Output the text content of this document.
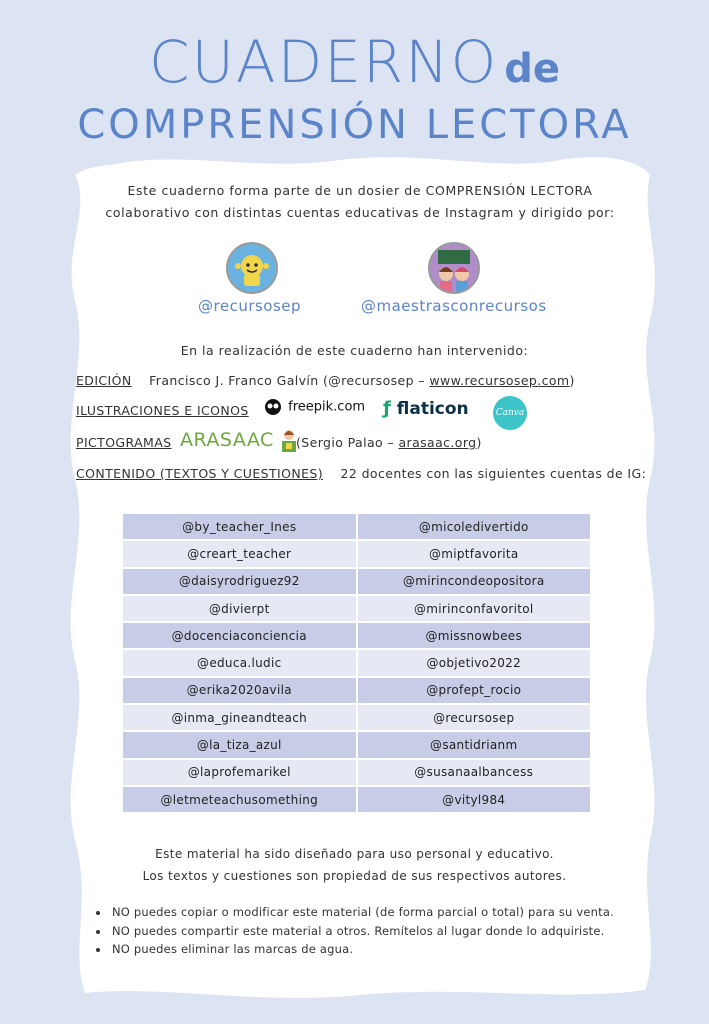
CUADERNO de
COMPRENSIÓN LECTORA
Este cuaderno forma parte de un dosier de COMPRENSIÓN LECTORA
colaborativo con distintas cuentas educativas de Instagram y dirigido por:
@recursosep	@maestrasconrecursos
En la realización de este cuaderno han intervenido:
EDICIÓN Francisco J. Franco Galvín (@recursosep – www.recursosep.com)
ILUSTRACIONES E ICONOS	freepik.com ƒ flaticon	Canva
PICTOGRAMAS ARASAAC	(Sergio Palao – arasaac.org)
CONTENIDO (TEXTOS Y CUESTIONES) 22 docentes con las siguientes cuentas de IG:
@by_teacher_Ines	@micoledivertido
@creart_teacher	@miptfavorita
@daisyrodriguez92	@mirincondeopositora
@divierpt	@mirinconfavoritol
@docenciaconciencia	@missnowbees
@educa.ludic	@objetivo2022
@erika2020avila	@profept_rocio
@inma_gineandteach	@recursosep
@la_tiza_azul	@santidrianm
@laprofemarikel	@susanaalbancess
@letmeteachusomething	@vityl984
Este material ha sido diseñado para uso personal y educativo.
Los textos y cuestiones son propiedad de sus respectivos autores.
• NO puedes copiar o modificar este material (de forma parcial o total) para su venta.
• NO puedes compartir este material a otros. Remítelos al lugar donde lo adquiriste.
• NO puedes eliminar las marcas de agua.
